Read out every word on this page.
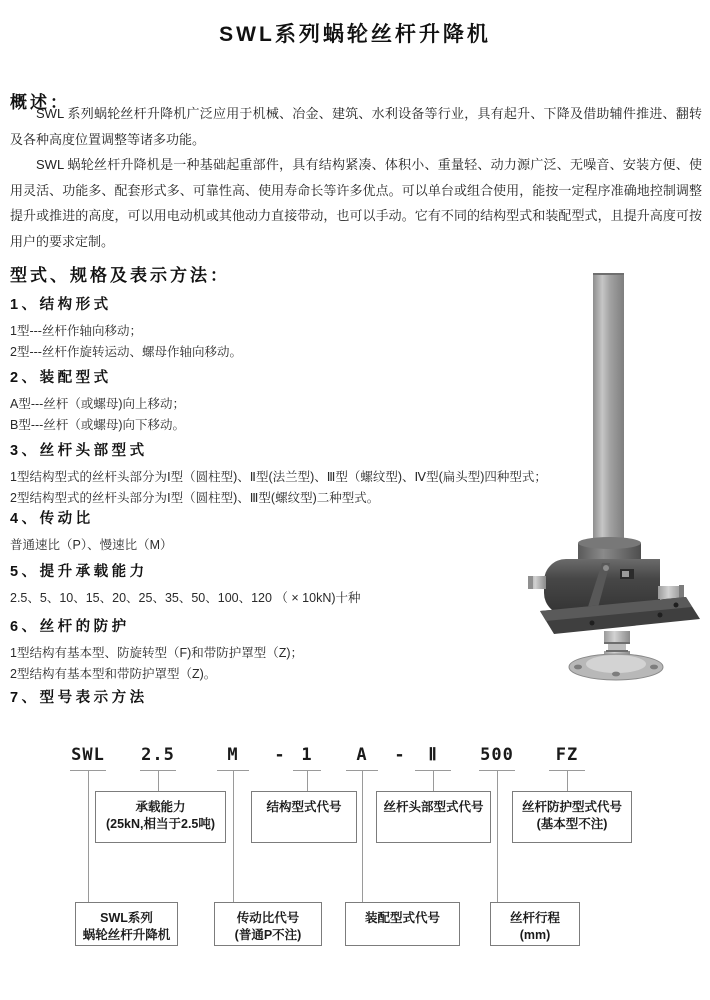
SWL系列蜗轮丝杆升降机
概述：

SWL 系列蜗轮丝杆升降机广泛应用于机械、冶金、建筑、水利设备等行业，具有起升、下降及借助辅件推进、翻转及各种高度位置调整等诸多功能。

SWL 蜗轮丝杆升降机是一种基础起重部件，具有结构紧凑、体积小、重量轻、动力源广泛、无噪音、安装方便、使用灵活、功能多、配套形式多、可靠性高、使用寿命长等许多优点。可以单台或组合使用，能按一定程序准确地控制调整提升或推进的高度，可以用电动机或其他动力直接带动，也可以手动。它有不同的结构型式和装配型式，且提升高度可按用户的要求定制。

型式、规格及表示方法：
1、结构形式

1型---丝杆作轴向移动；

2型---丝杆作旋转运动、螺母作轴向移动。

2、装配型式

A型---丝杆（或螺母)向上移动；

B型---丝杆（或螺母)向下移动。

3、丝杆头部型式

1型结构型式的丝杆头部分为Ⅰ型（圆柱型)、Ⅱ型(法兰型)、Ⅲ型（螺纹型)、Ⅳ型(扁头型)四种型式；

2型结构型式的丝杆头部分为Ⅰ型（圆柱型)、Ⅲ型(螺纹型)二种型式。

4、传动比

普通速比（P）、慢速比（M）

5、提升承载能力

2.5、5、10、15、20、25、35、50、100、120 （ × 10kN)十种

6、丝杆的防护

1型结构有基本型、防旋转型（F)和带防护罩型（Z)；

2型结构有基本型和带防护罩型（Z)。

7、型号表示方法
SWL 2.5	M - 1	A - Ⅱ 500 FZ
承载能力
(25kN,相当于2.5吨)
结构型式代号	丝杆头部型式代号	丝杆防护型式代号
(基本型不注)
SWL系列
蜗轮丝杆升降机
传动比代号
(普通P不注)
装配型式代号	丝杆行程
(mm)
